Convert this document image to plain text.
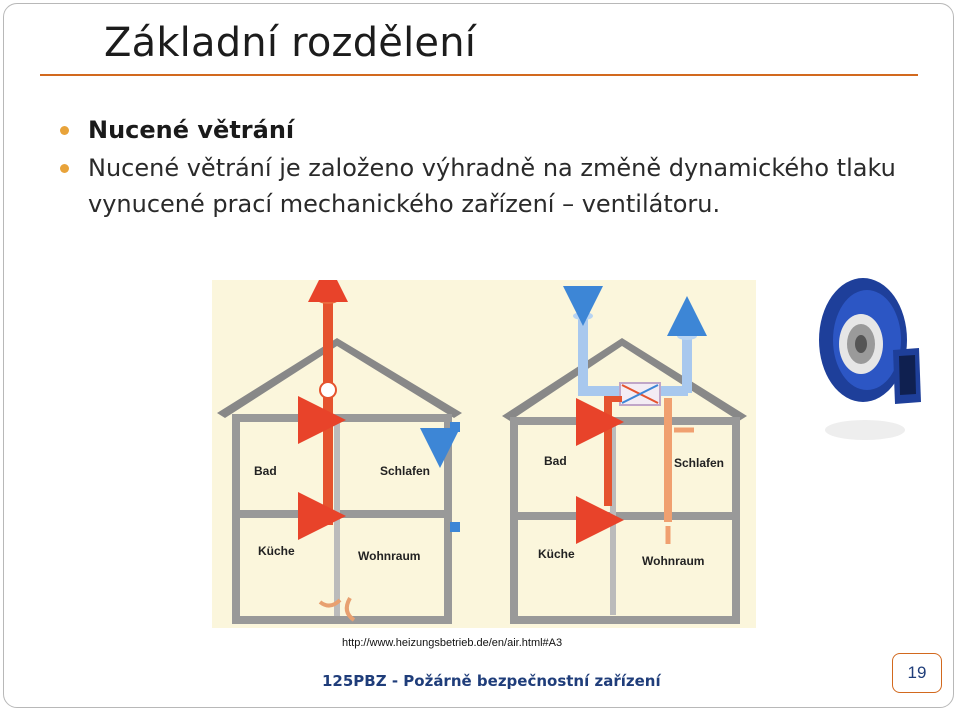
Základní rozdělení
Nucené větrání
Nucené větrání je založeno výhradně na změně dynamického tlaku vynucené prací mechanického zařízení – ventilátoru.
Bad	Schlafen
Küche	Wohnraum
Bad	Schlafen
Küche	Wohnraum
http://www.heizungsbetrieb.de/en/air.html#A3
125PBZ - Požárně bezpečnostní zařízení	19
